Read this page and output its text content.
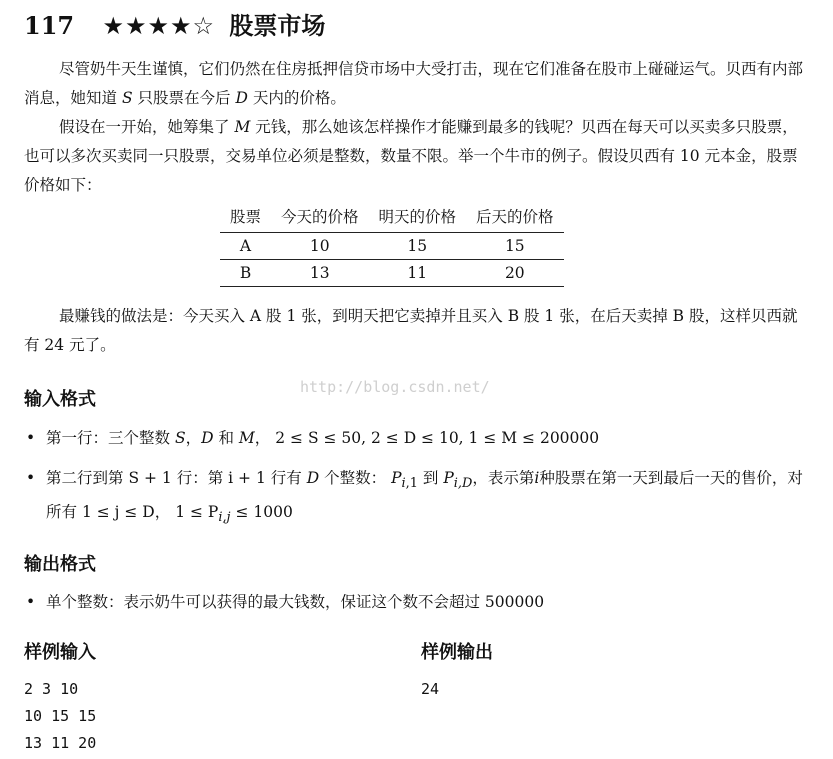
117 ★★★★☆ 股票市场
尽管奶牛天生谨慎，它们仍然在住房抵押信贷市场中大受打击，现在它们准备在股市上碰碰运气。贝西有内部消息，她知道 S 只股票在今后 D 天内的价格。
假设在一开始，她筹集了 M 元钱，那么她该怎样操作才能赚到最多的钱呢？贝西在每天可以买卖多只股票，也可以多次买卖同一只股票，交易单位必须是整数，数量不限。举一个牛市的例子。假设贝西有 10 元本金，股票价格如下：
股票	今天的价格	明天的价格	后天的价格
A	10	15	15
B	13	11	20
最赚钱的做法是：今天买入 A 股 1 张，到明天把它卖掉并且买入 B 股 1 张，在后天卖掉 B 股，这样贝西就有 24 元了。
http://blog.csdn.net/
输入格式
• 第一行：三个整数 S，D 和 M， 2 ≤ S ≤ 50, 2 ≤ D ≤ 10, 1 ≤ M ≤ 200000
• 第二行到第 S + 1 行：第 i + 1 行有 D 个整数： $P_{i,1}$ 到 $P_{i,D}$，表示第i种股票在第一天到最后一天的售价，对所有 1 ≤ j ≤ D， $1 \le P_{i,j} \le 1000$
输出格式
• 单个整数：表示奶牛可以获得的最大钱数，保证这个数不会超过 500000
样例输入	样例输出
2 3 10
10 15 15
13 11 20
24
